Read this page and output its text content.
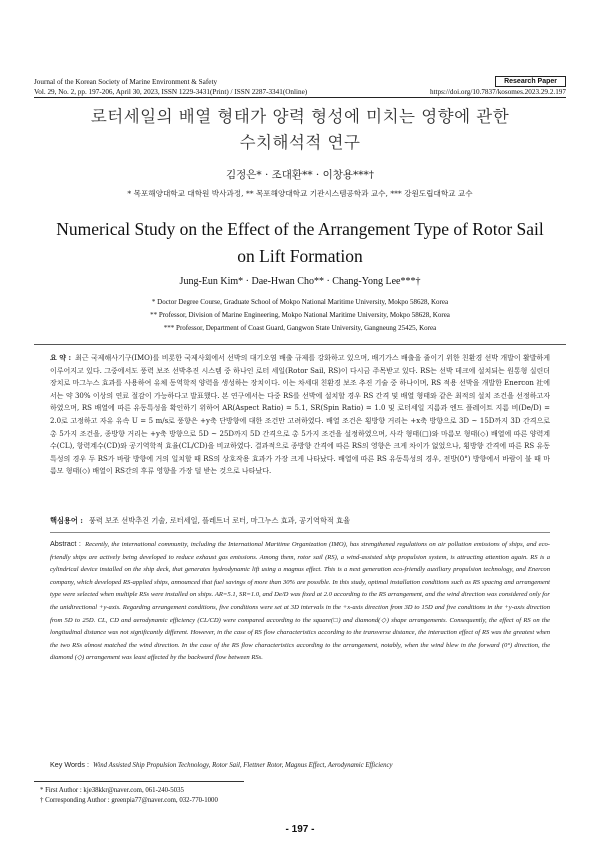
Journal of the Korean Society of Marine Environment & Safety	Research Paper
Vol. 29, No. 2, pp. 197-206, April 30, 2023, ISSN 1229-3431(Print) / ISSN 2287-3341(Online)	https://doi.org/10.7837/kosomes.2023.29.2.197
로터세일의 배열 형태가 양력 형성에 미치는 영향에 관한
수치해석적 연구
김정은* · 조대환** · 이창용***†
* 목포해양대학교 대학원 박사과정, ** 목포해양대학교 기관시스템공학과 교수, *** 강원도립대학교 교수
Numerical Study on the Effect of the Arrangement Type of Rotor Sail
on Lift Formation
Jung-Eun Kim* · Dae-Hwan Cho** · Chang-Yong Lee***†
* Doctor Degree Course, Graduate School of Mokpo National Maritime University, Mokpo 58628, Korea
** Professor, Division of Marine Engineering, Mokpo National Maritime University, Mokpo 58628, Korea
*** Professor, Department of Coast Guard, Gangwon State University, Gangneung 25425, Korea
요 약 : 최근 국제해사기구(IMO)를 비롯한 국제사회에서 선박의 대기오염 배출 규제를 강화하고 있으며, 배기가스 배출을 줄이기 위한 친환경 선박 개발이 활발하게 이루어지고 있다. 그중에서도 풍력 보조 선박추진 시스템 중 하나인 로터 세일(Rotor Sail, RS)이 다시금 주목받고 있다. RS는 선박 데크에 설치되는 원통형 실린더 장치로 마그누스 효과를 사용하여 유체 동역학적 양력을 생성하는 장치이다. 이는 차세대 친환경 보조 추진 기술 중 하나이며, RS 적용 선박을 개발한 Enercon 社에서는 약 30% 이상의 연료 절감이 가능하다고 발표했다. 본 연구에서는 다중 RS를 선박에 설치할 경우 RS 간격 및 배열 형태와 같은 최적의 설치 조건을 선정하고자 하였으며, RS 배열에 따른 유동특성을 확인하기 위하여 AR(Aspect Ratio) = 5.1, SR(Spin Ratio) = 1.0 및 로터세일 지름과 엔드 플레이트 지름 비(De/D) = 2.0로 고정하고 자유 유속 U = 5 m/s로 풍향은 +y축 단방향에 대한 조건만 고려하였다. 배열 조건은 횡방향 거리는 +x축 방향으로 3D ~ 15D까지 3D 간격으로 총 5가지 조건을, 종방향 거리는 +y축 방향으로 5D ~ 25D까지 5D 간격으로 총 5가지 조건을 설정하였으며, 사각 형태(□)와 마름모 형태(◇) 배열에 따른 양력계수(CL), 항력계수(CD)와 공기역학적 효율(CL/CD)을 비교하였다. 결과적으로 종방향 간격에 따른 RS의 영향은 크게 차이가 없었으나, 횡방향 간격에 따른 RS 유동특성의 경우 두 RS가 바람 방향에 거의 일치할 때 RS의 상호작용 효과가 가장 크게 나타났다. 배열에 따른 RS 유동특성의 경우, 전방(0°) 방향에서 바람이 불 때 마름모 형태(◇) 배열이 RS간의 후류 영향을 가장 덜 받는 것으로 나타났다.
핵심용어 : 풍력 보조 선박추진 기술, 로터세일, 플레트너 로터, 마그누스 효과, 공기역학적 효율
Abstract : Recently, the international community, including the International Maritime Organization (IMO), has strengthened regulations on air pollution emissions of ships, and eco-friendly ships are actively being developed to reduce exhaust gas emissions. Among them, rotor sail (RS), a wind-assisted ship propulsion system, is attracting attention again. RS is a cylindrical device installed on the ship deck, that generates hydrodynamic lift using a magnus effect. This is a next generation eco-friendly auxiliary propulsion technology, and Enercon company, which developed RS-applied ships, announced that fuel savings of more than 30% are possible. In this study, optimal installation conditions such as RS spacing and arrangement type were selected when multiple RSs were installed on ships. AR=5.1, SR=1.0, and De/D was fixed at 2.0 according to the RS arrangement, and the wind direction was considered only for the unidirectional +y-axis. Regarding arrangement conditions, five conditions were set at 3D intervals in the +x-axis direction from 3D to 15D and five conditions in the +y-axis direction from 5D to 25D. CL, CD and aerodynamic efficiency (CL/CD) were compared according to the square(□) and diamond(◇) shape arrangements. Consequently, the effect of RS on the longitudinal distance was not significantly different. However, in the case of RS flow characteristics according to the transverse distance, the interaction effect of RS was the greatest when the two RSs almost matched the wind direction. In the case of the RS flow characteristics according to the arrangement, notably, when the wind blew in the forward (0°) direction, the diamond (◇) arrangement was least affected by the backward flow between RSs.
Key Words : Wind Assisted Ship Propulsion Technology, Rotor Sail, Flettner Rotor, Magnus Effect, Aerodynamic Efficiency
* First Author : kje38kkr@naver.com, 061-240-5035
† Corresponding Author : greenpia77@naver.com, 032-770-1000
- 197 -
